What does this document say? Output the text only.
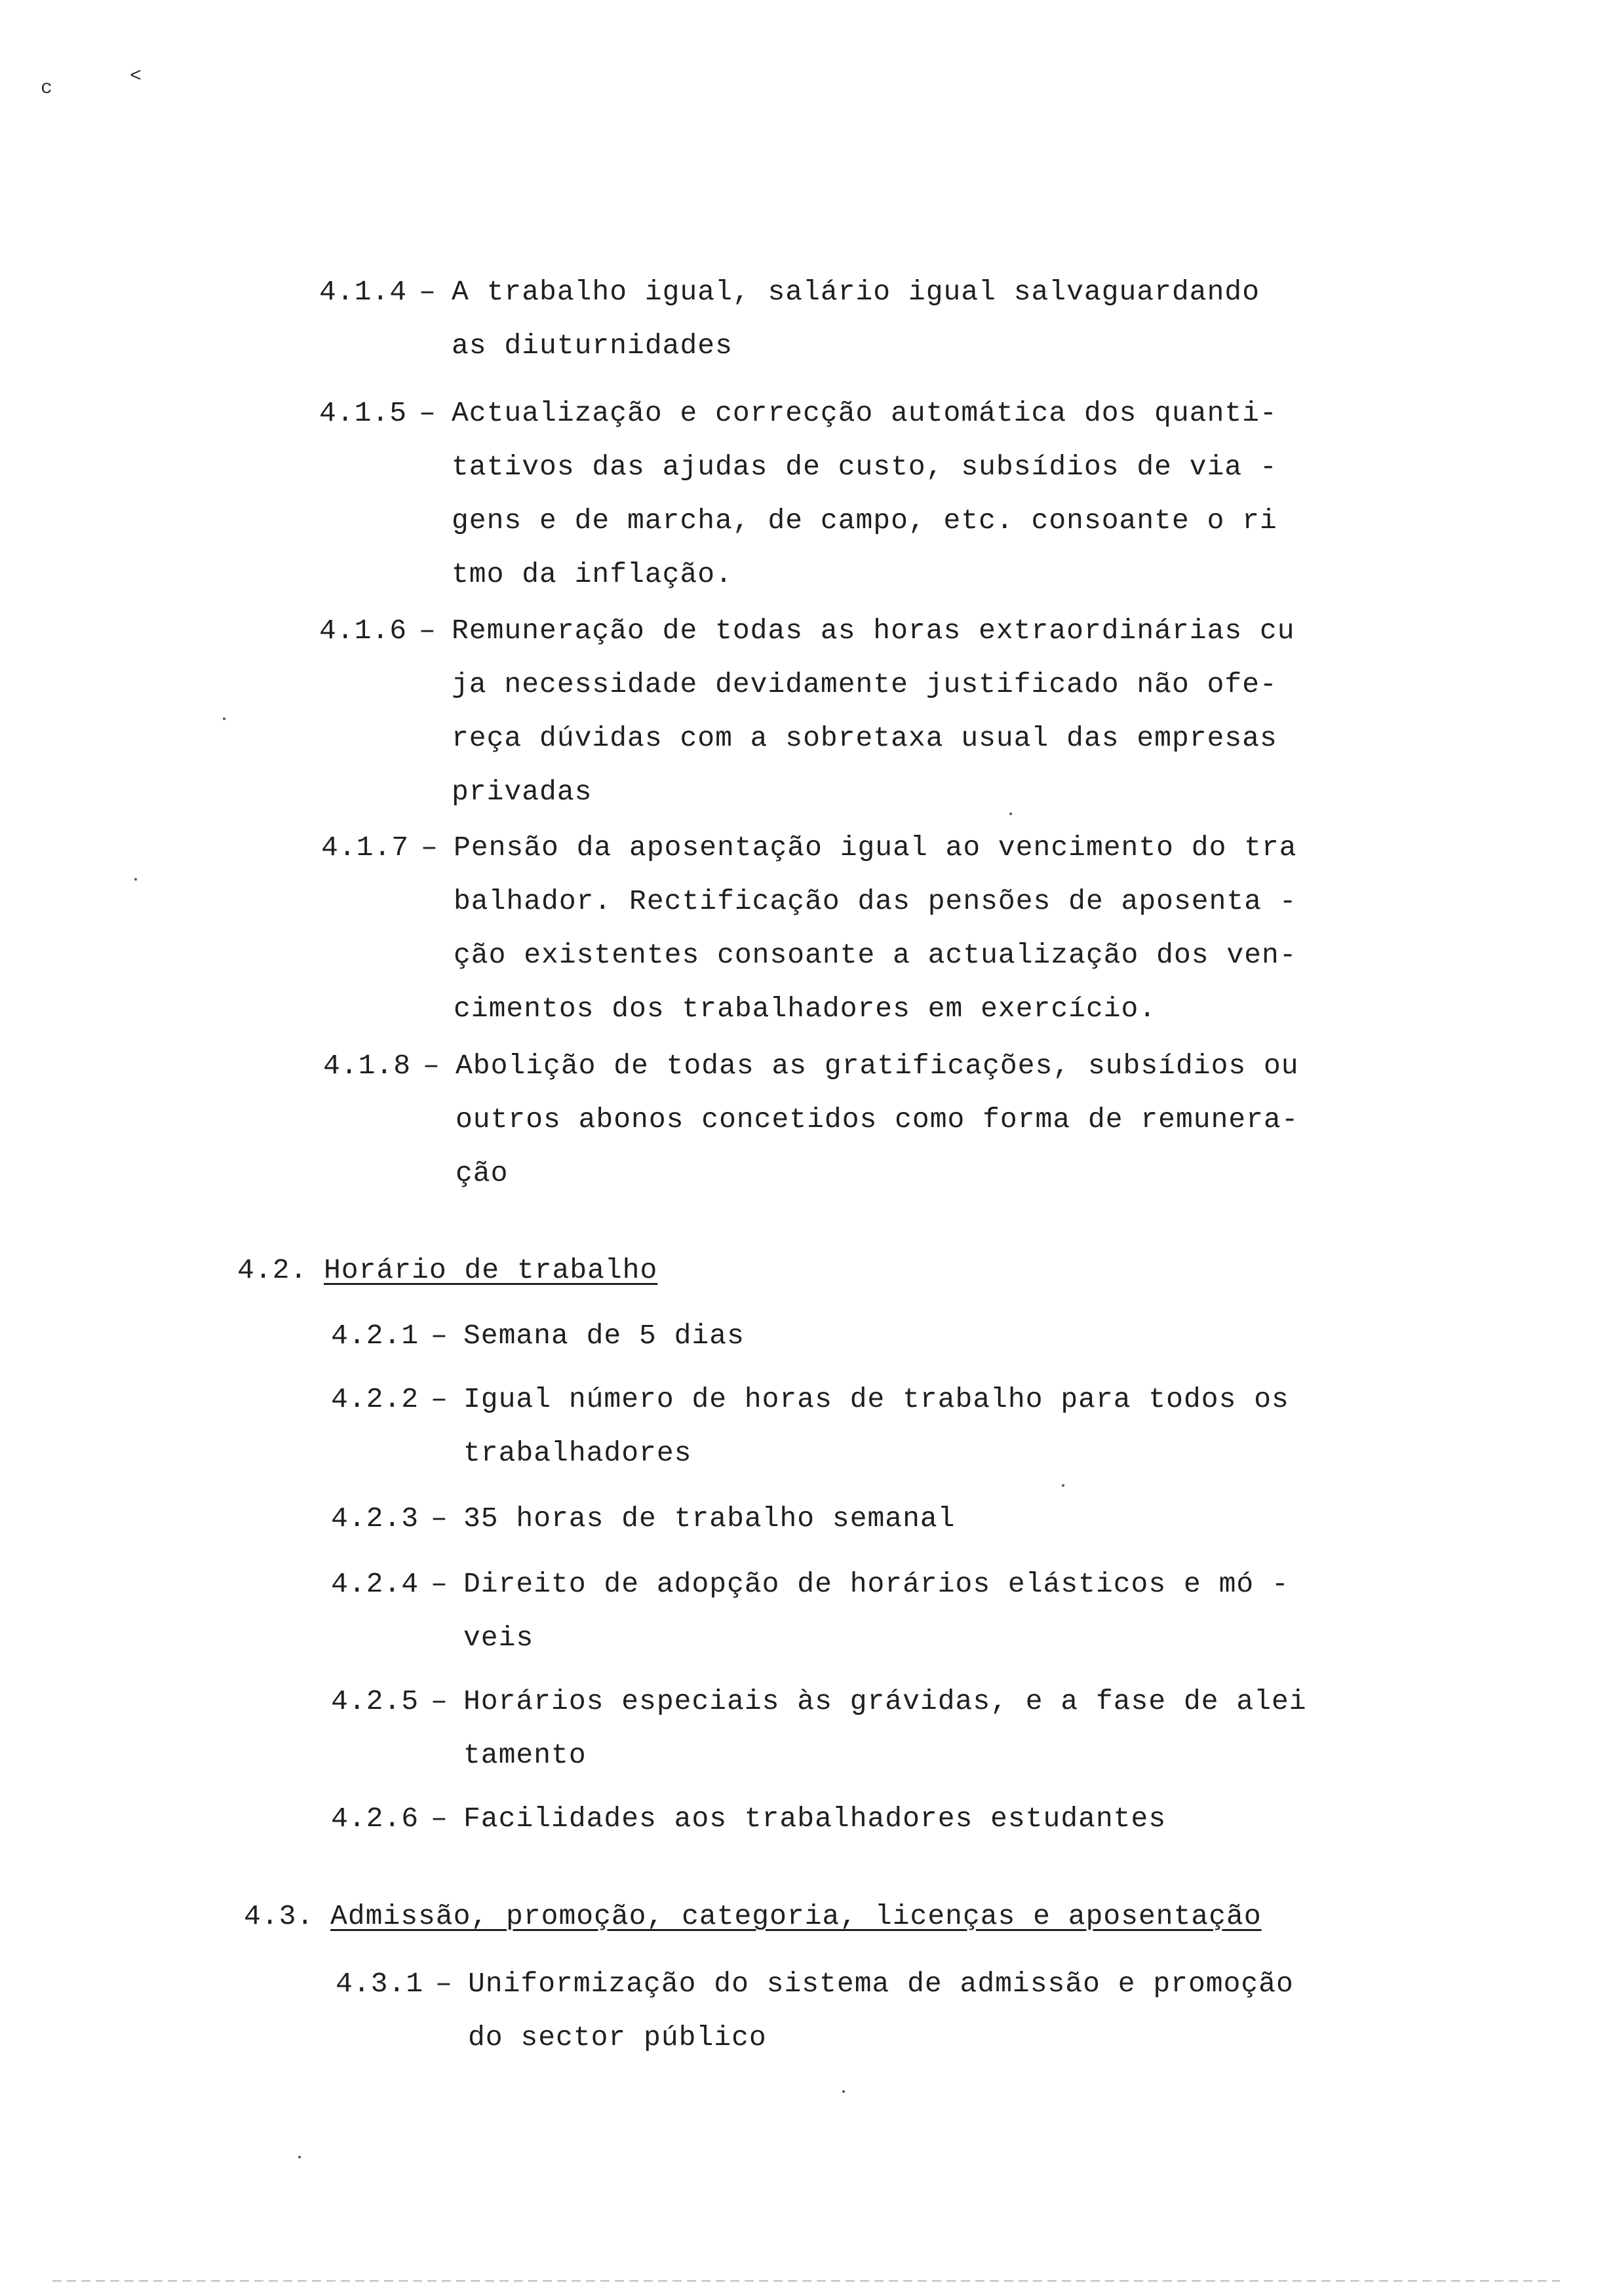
c
<
4.1.4 – A trabalho igual, salário igual salvaguardando
as diuturnidades
4.1.5 – Actualização e correcção automática dos quanti-
tativos das ajudas de custo, subsídios de via -
gens e de marcha, de campo, etc. consoante o ri
tmo da inflação.
4.1.6 – Remuneração de todas as horas extraordinárias cu
ja necessidade devidamente justificado não ofe-
reça dúvidas com a sobretaxa usual das empresas
privadas
4.1.7 – Pensão da aposentação igual ao vencimento do tra
balhador. Rectificação das pensões de aposenta -
ção existentes consoante a actualização dos ven-
cimentos dos trabalhadores em exercício.
4.1.8 – Abolição de todas as gratificações, subsídios ou
outros abonos concetidos como forma de remunera-
ção
4.2. Horário de trabalho
4.2.1 – Semana de 5 dias
4.2.2 – Igual número de horas de trabalho para todos os
trabalhadores
4.2.3 – 35 horas de trabalho semanal
4.2.4 – Direito de adopção de horários elásticos e mó -
veis
4.2.5 – Horários especiais às grávidas, e a fase de alei
tamento
4.2.6 – Facilidades aos trabalhadores estudantes
4.3. Admissão, promoção, categoria, licenças e aposentação
4.3.1 – Uniformização do sistema de admissão e promoção
do sector público
